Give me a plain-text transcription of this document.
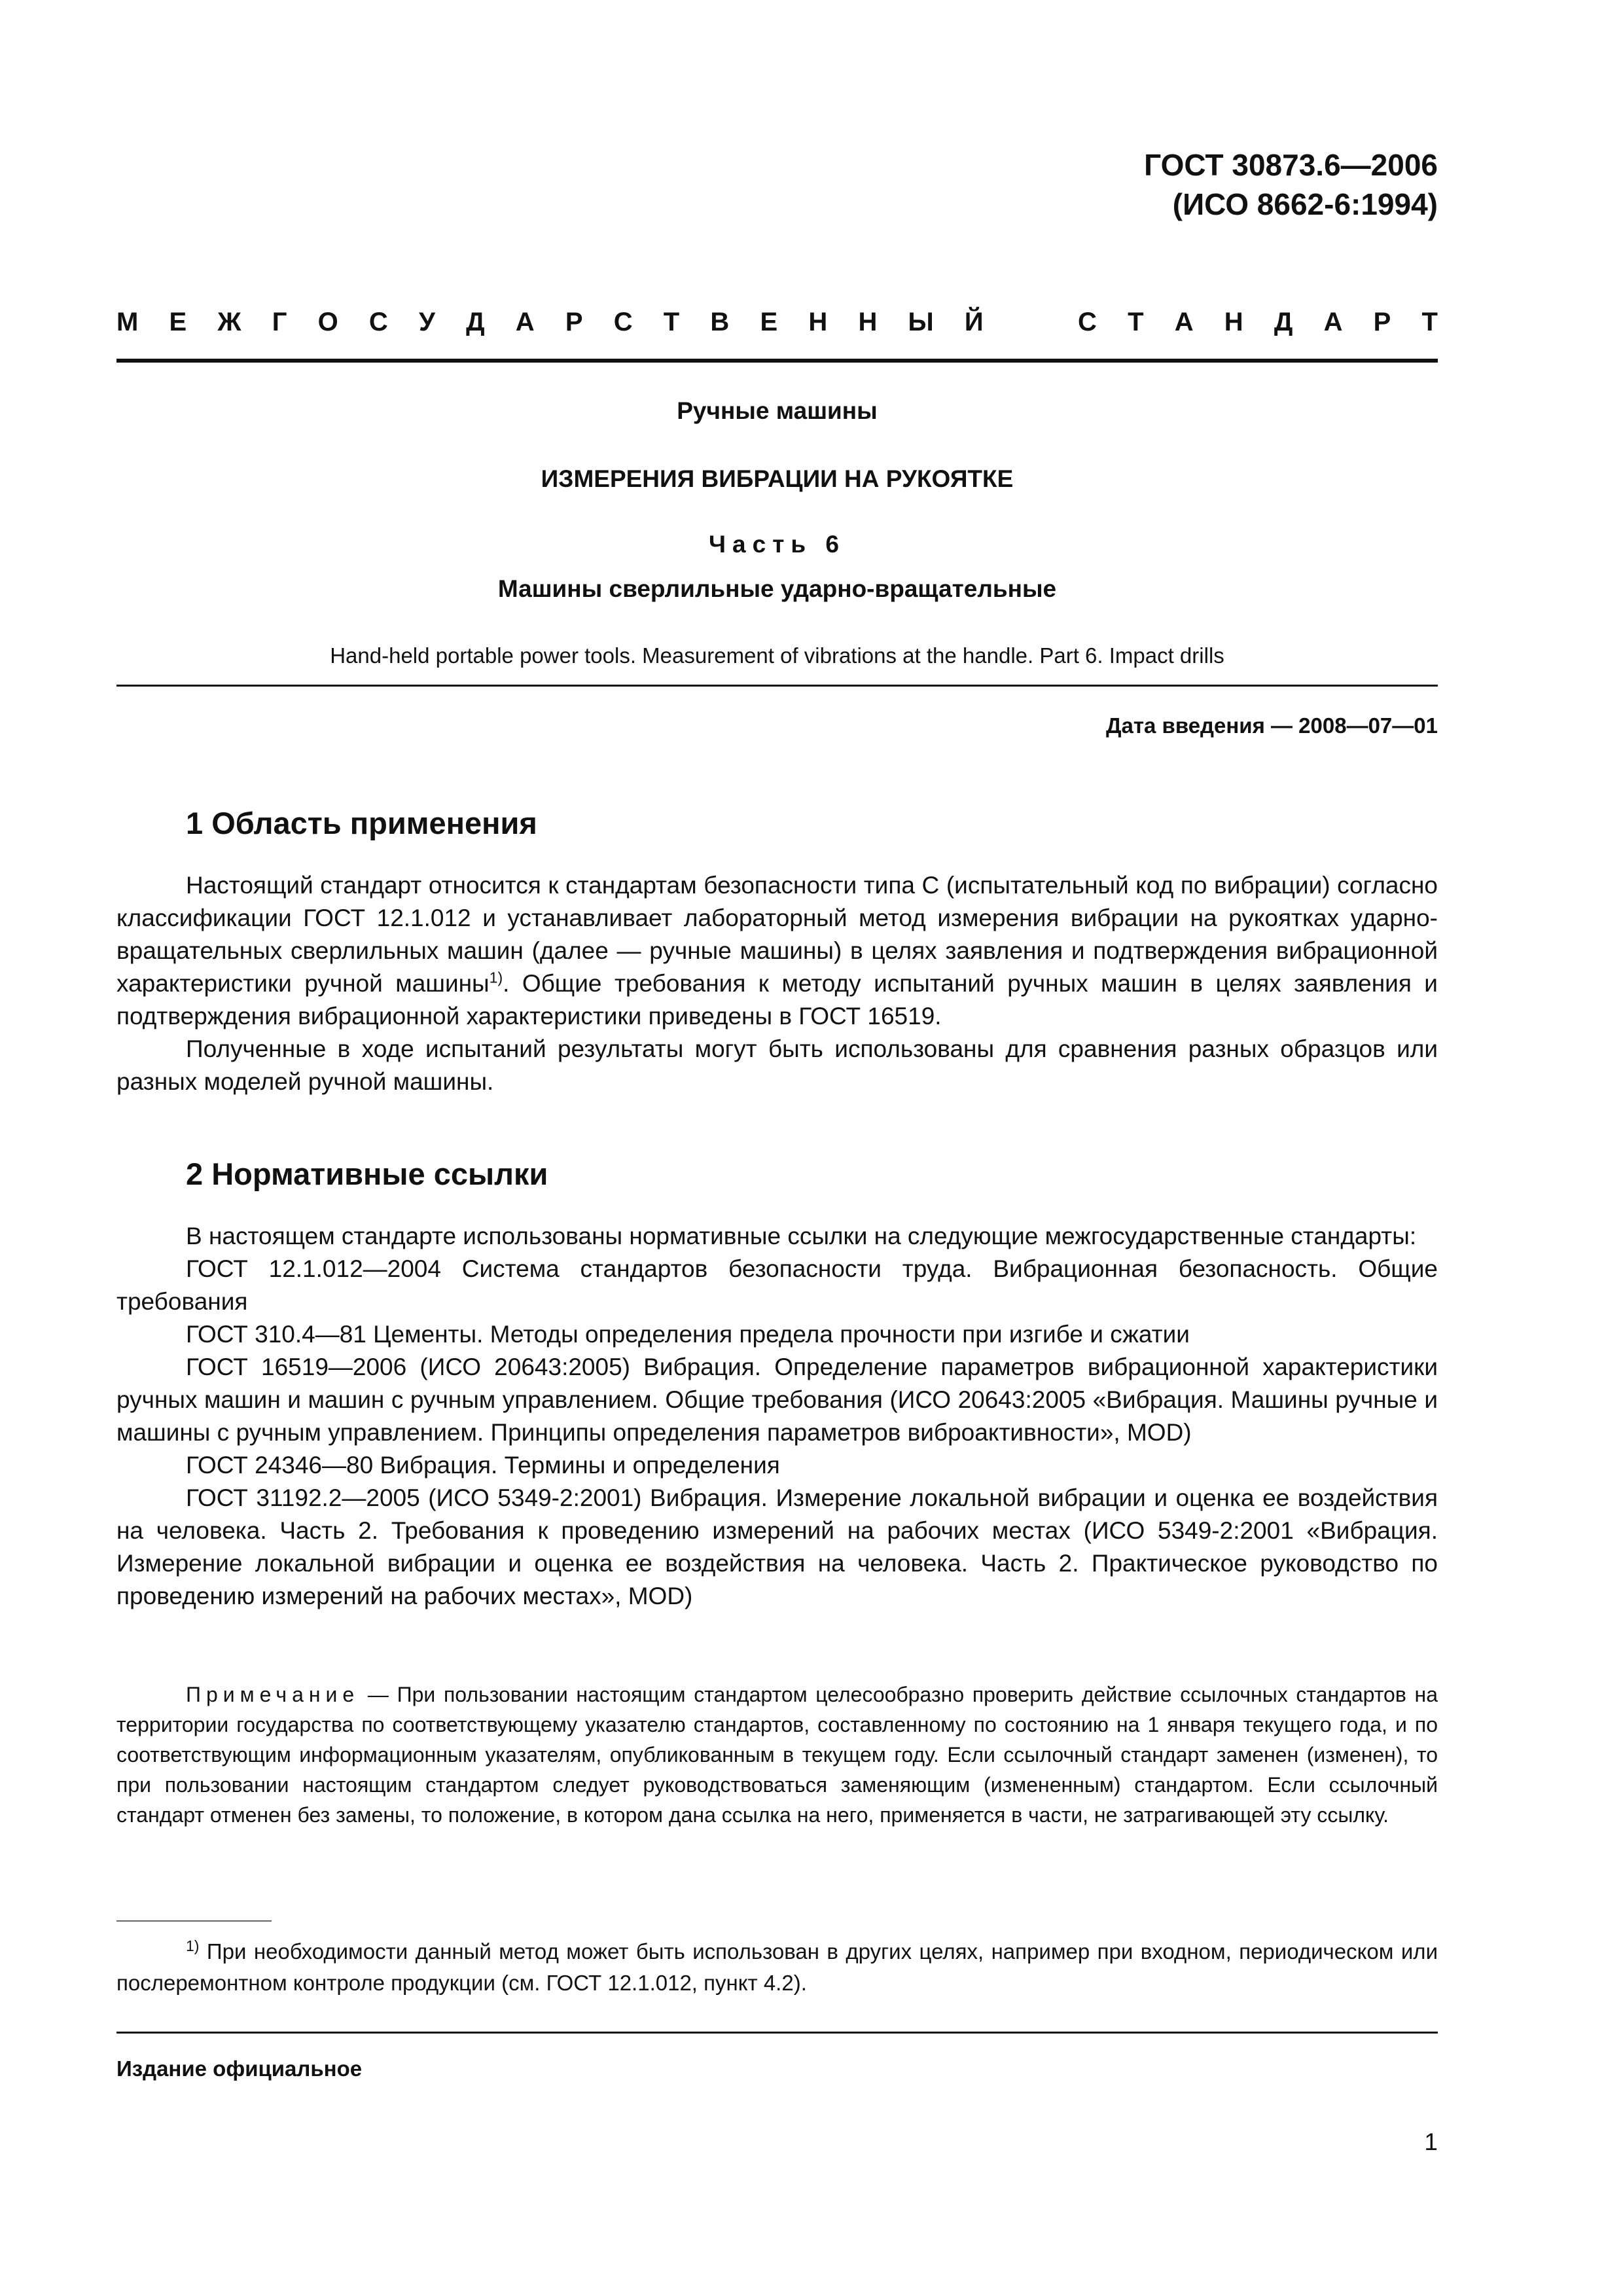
ГОСТ 30873.6—2006
(ИСО 8662-6:1994)
М Е Ж Г О С У Д А Р С Т В Е Н Н Ы Й	С Т А Н Д А Р Т
Ручные машины
ИЗМЕРЕНИЯ ВИБРАЦИИ НА РУКОЯТКЕ
Часть 6
Машины сверлильные ударно-вращательные
Hand-held portable power tools. Measurement of vibrations at the handle. Part 6. Impact drills
Дата введения — 2008—07—01
1 Область применения

Настоящий стандарт относится к стандартам безопасности типа С (испытательный код по вибрации) согласно классификации ГОСТ 12.1.012 и устанавливает лабораторный метод измерения вибрации на рукоятках ударно-вращательных сверлильных машин (далее — ручные машины) в целях заявления и подтверждения вибрационной характеристики ручной машины$^{1)}$. Общие требования к методу испытаний ручных машин в целях заявления и подтверждения вибрационной характеристики приведены в ГОСТ 16519.

Полученные в ходе испытаний результаты могут быть использованы для сравнения разных образцов или разных моделей ручной машины.

2 Нормативные ссылки

В настоящем стандарте использованы нормативные ссылки на следующие межгосударственные стандарты:

ГОСТ 12.1.012—2004 Система стандартов безопасности труда. Вибрационная безопасность. Общие требования

ГОСТ 310.4—81 Цементы. Методы определения предела прочности при изгибе и сжатии

ГОСТ 16519—2006 (ИСО 20643:2005) Вибрация. Определение параметров вибрационной характеристики ручных машин и машин с ручным управлением. Общие требования (ИСО 20643:2005 «Вибрация. Машины ручные и машины с ручным управлением. Принципы определения параметров виброактивности», MOD)

ГОСТ 24346—80 Вибрация. Термины и определения

ГОСТ 31192.2—2005 (ИСО 5349-2:2001) Вибрация. Измерение локальной вибрации и оценка ее воздействия на человека. Часть 2. Требования к проведению измерений на рабочих местах (ИСО 5349-2:2001 «Вибрация. Измерение локальной вибрации и оценка ее воздействия на человека. Часть 2. Практическое руководство по проведению измерений на рабочих местах», MOD)

Примечание — При пользовании настоящим стандартом целесообразно проверить действие ссылочных стандартов на территории государства по соответствующему указателю стандартов, составленному по состоянию на 1 января текущего года, и по соответствующим информационным указателям, опубликованным в текущем году. Если ссылочный стандарт заменен (изменен), то при пользовании настоящим стандартом следует руководствоваться заменяющим (измененным) стандартом. Если ссылочный стандарт отменен без замены, то положение, в котором дана ссылка на него, применяется в части, не затрагивающей эту ссылку.

$^{1)}$ При необходимости данный метод может быть использован в других целях, например при входном, периодическом или послеремонтном контроле продукции (см. ГОСТ 12.1.012, пункт 4.2).

Издание официальное
1
